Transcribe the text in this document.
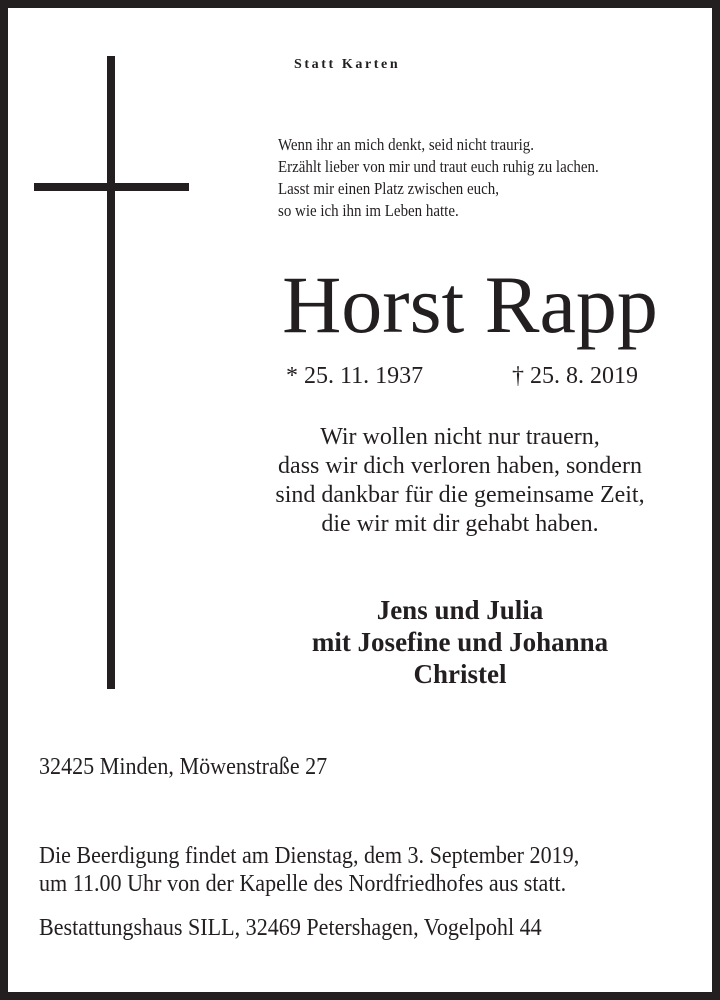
Statt Karten
Wenn ihr an mich denkt, seid nicht traurig.
Erzählt lieber von mir und traut euch ruhig zu lachen.
Lasst mir einen Platz zwischen euch,
so wie ich ihn im Leben hatte.
Horst Rapp
* 25. 11. 1937	† 25. 8. 2019
Wir wollen nicht nur trauern,
dass wir dich verloren haben, sondern
sind dankbar für die gemeinsame Zeit,
die wir mit dir gehabt haben.
Jens und Julia
mit Josefine und Johanna
Christel
32425 Minden, Möwenstraße 27
Die Beerdigung findet am Dienstag, dem 3. September 2019,
um 11.00 Uhr von der Kapelle des Nordfriedhofes aus statt.
Bestattungshaus SILL, 32469 Petershagen, Vogelpohl 44
